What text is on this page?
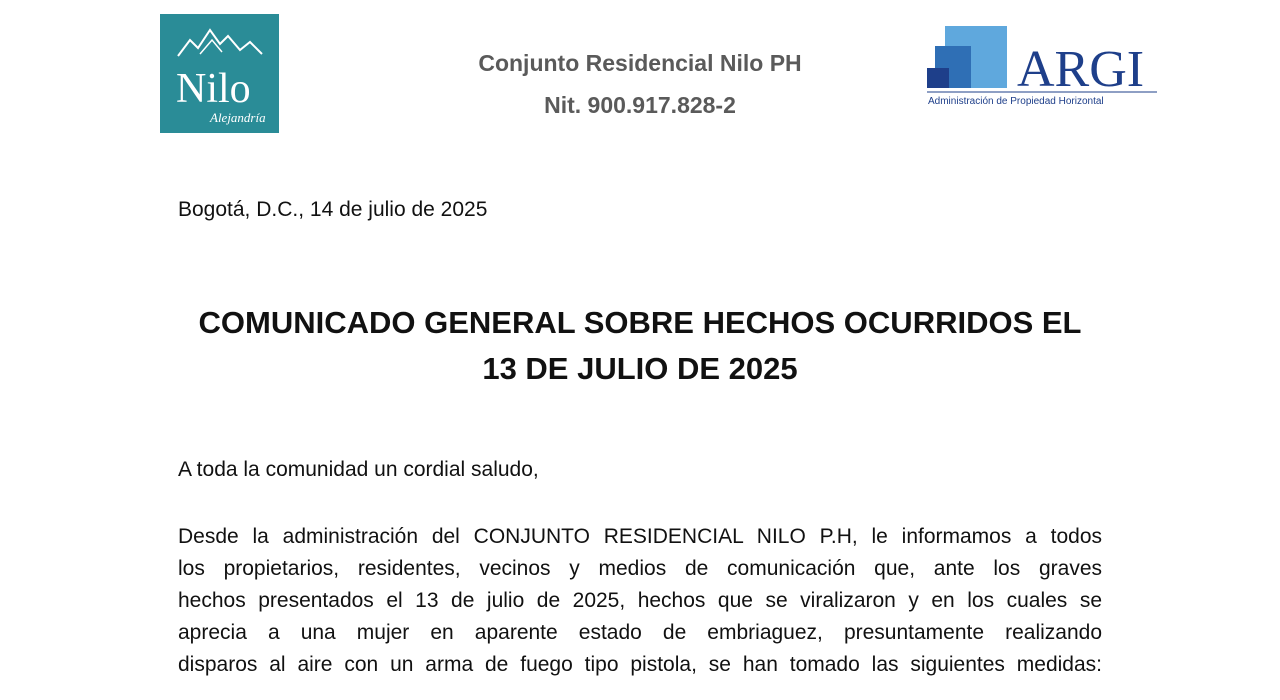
Nilo
Alejandría
Conjunto Residencial Nilo PH
Nit. 900.917.828-2
ARGI
Administración de Propiedad Horizontal
Bogotá, D.C., 14 de julio de 2025
COMUNICADO GENERAL SOBRE HECHOS OCURRIDOS EL
13 DE JULIO DE 2025
A toda la comunidad un cordial saludo,
Desde la administración del CONJUNTO RESIDENCIAL NILO P.H, le informamos a todos
los propietarios, residentes, vecinos y medios de comunicación que, ante los graves
hechos presentados el 13 de julio de 2025, hechos que se viralizaron y en los cuales se
aprecia a una mujer en aparente estado de embriaguez, presuntamente realizando
disparos al aire con un arma de fuego tipo pistola, se han tomado las siguientes medidas:
